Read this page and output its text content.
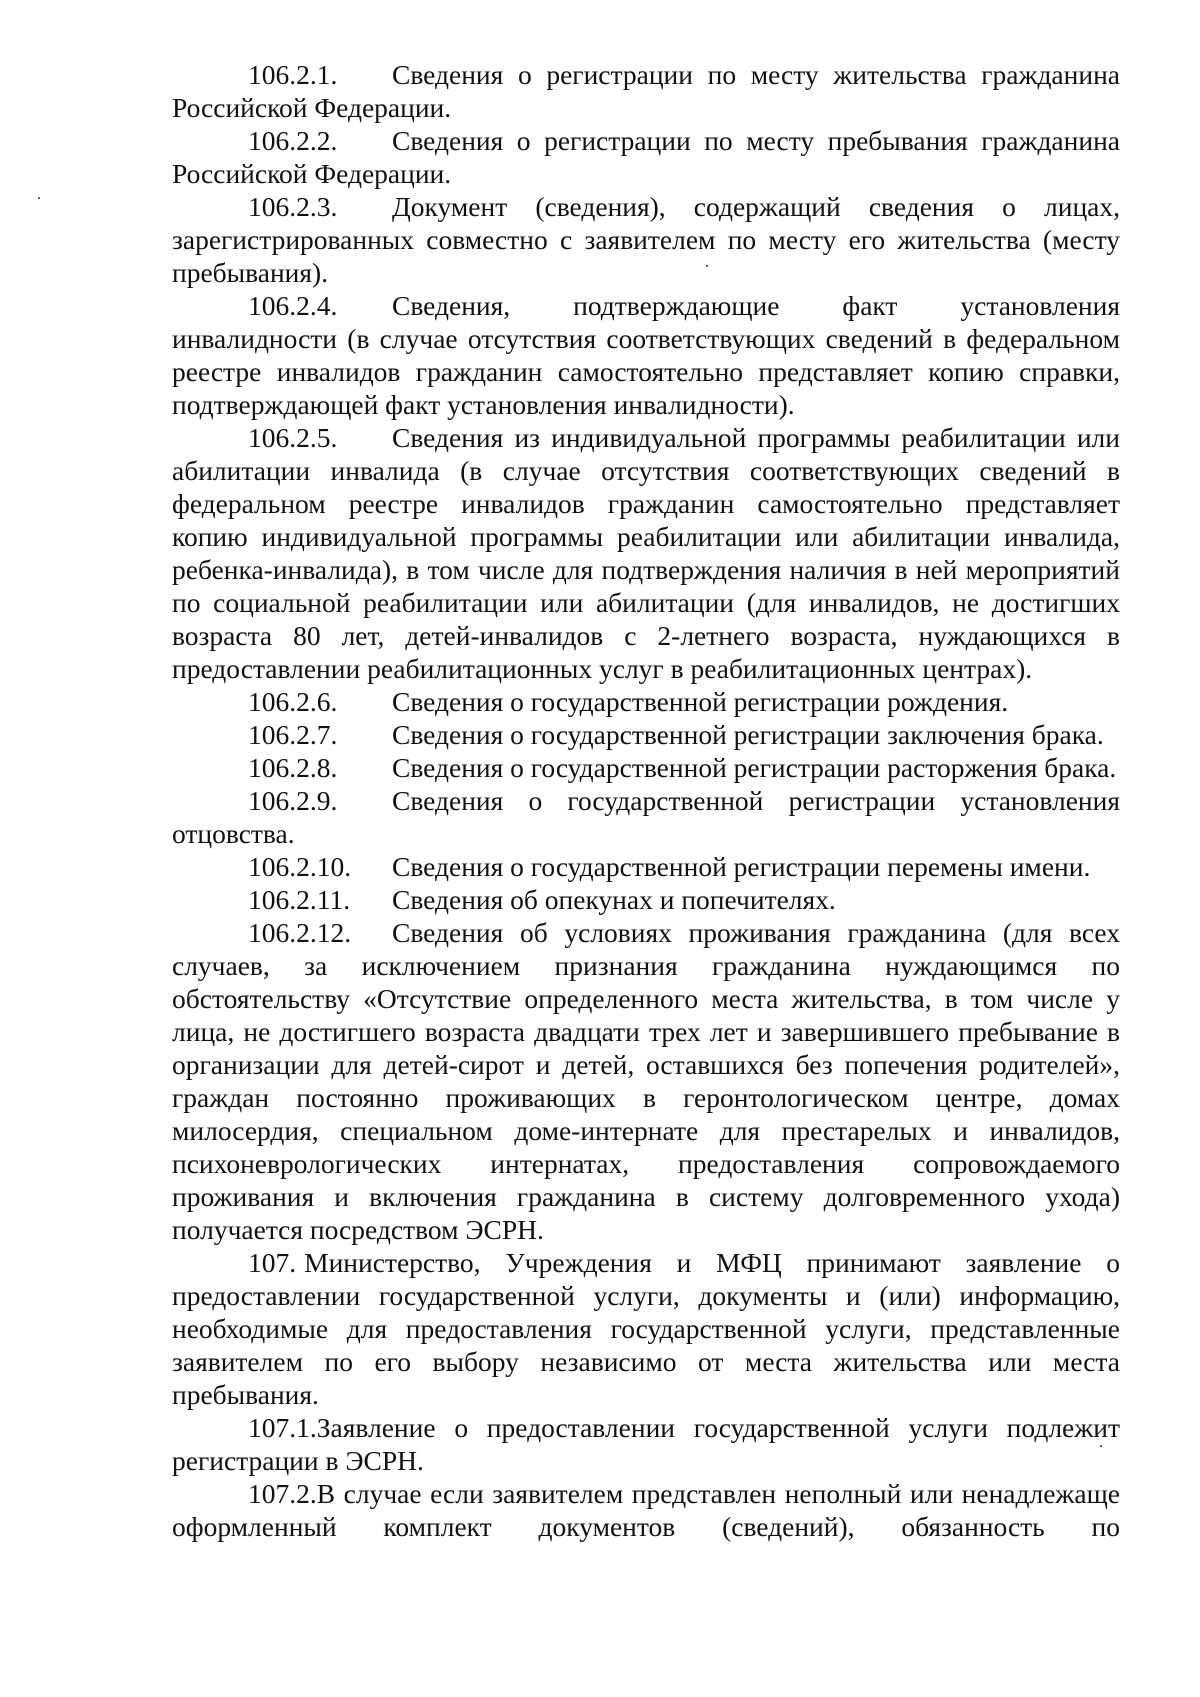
106.2.1. Сведения о регистрации по месту жительства гражданина Российской Федерации.

106.2.2. Сведения о регистрации по месту пребывания гражданина Российской Федерации.

106.2.3. Документ (сведения), содержащий сведения о лицах, зарегистрированных совместно с заявителем по месту его жительства (месту пребывания).

106.2.4. Сведения, подтверждающие факт установления инвалидности (в случае отсутствия соответствующих сведений в федеральном реестре инвалидов гражданин самостоятельно представляет копию справки, подтверждающей факт установления инвалидности).

106.2.5. Сведения из индивидуальной программы реабилитации или абилитации инвалида (в случае отсутствия соответствующих сведений в федеральном реестре инвалидов гражданин самостоятельно представляет копию индивидуальной программы реабилитации или абилитации инвалида, ребенка-инвалида), в том числе для подтверждения наличия в ней мероприятий по социальной реабилитации или абилитации (для инвалидов, не достигших возраста 80 лет, детей-инвалидов с 2-летнего возраста, нуждающихся в предоставлении реабилитационных услуг в реабилитационных центрах).

106.2.6. Сведения о государственной регистрации рождения.

106.2.7. Сведения о государственной регистрации заключения брака.

106.2.8. Сведения о государственной регистрации расторжения брака.

106.2.9. Сведения о государственной регистрации установления отцовства.

106.2.10. Сведения о государственной регистрации перемены имени.

106.2.11. Сведения об опекунах и попечителях.

106.2.12. Сведения об условиях проживания гражданина (для всех случаев, за исключением признания гражданина нуждающимся по обстоятельству «Отсутствие определенного места жительства, в том числе у лица, не достигшего возраста двадцати трех лет и завершившего пребывание в организации для детей-сирот и детей, оставшихся без попечения родителей», граждан постоянно проживающих в геронтологическом центре, домах милосердия, специальном доме-интернате для престарелых и инвалидов, психоневрологических интернатах, предоставления сопровождаемого проживания и включения гражданина в систему долговременного ухода) получается посредством ЭСРН.

107. Министерство, Учреждения и МФЦ принимают заявление о предоставлении государственной услуги, документы и (или) информацию, необходимые для предоставления государственной услуги, представленные заявителем по его выбору независимо от места жительства или места пребывания.

107.1.Заявление о предоставлении государственной услуги подлежит регистрации в ЭСРН.

107.2.В случае если заявителем представлен неполный или ненадлежаще оформленный комплект документов (сведений), обязанность по
